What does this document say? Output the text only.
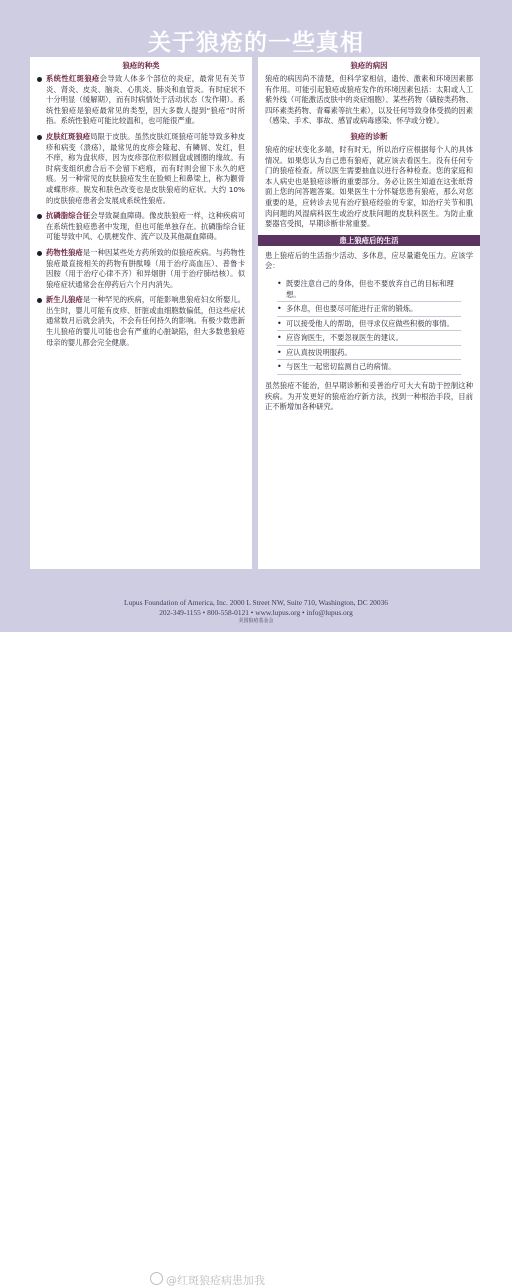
关于狼疮的一些真相
狼疮的种类
系统性红斑狼疮会导致人体多个部位的炎症，最常见有关节炎、肾炎、皮炎、脑炎、心肌炎、肺炎和血管炎。有时症状不十分明显（缓解期），而有时病情处于活动状态（发作期）。系统性狼疮是狼疮最常见的类型，因大多数人提到“狼疮”时所指。系统性狼疮可能比较温和，也可能很严重。
皮肤红斑狼疮局限于皮肤。虽然皮肤红斑狼疮可能导致多种皮疹和病变（溃疡），最常见的皮疹会隆起、有鳞屑、发红，但不痒，称为盘状疹，因为皮疹部位形似圆盘或圆圈的缘故。有时病变组织愈合后不会留下疤痕，而有时则会留下永久的疤痕。另一种常见的皮肤狼疮发生在脸颊上和鼻梁上，称为颧骨或蝶形疹。脱发和肤色改变也是皮肤狼疮的症状。大约 10%的皮肤狼疮患者会发展成系统性狼疮。
抗磷脂综合征会导致凝血障碍。像皮肤狼疮一样，这种疾病可在系统性狼疮患者中发现，但也可能单独存在。抗磷脂综合征可能导致中风、心肌梗发作、流产以及其他凝血障碍。
药物性狼疮是一种因某些处方药所致的似狼疮疾病。与药物性狼疮最直接相关的药物有肼酞嗪（用于治疗高血压）、普鲁卡因胺（用于治疗心律不齐）和异烟肼（用于治疗肺结核）。似狼疮症状通常会在停药后六个月内消失。
新生儿狼疮是一种罕见的疾病，可能影响患狼疮妇女所娶儿。出生时，婴儿可能有皮疹、肝脏或血细胞数偏低，但这些症状通常数月后就会消失，不会有任何持久的影响。有极少数患新生儿狼疮的婴儿可能也会有严重的心脏缺陷，但大多数患狼疮母亲的婴儿都会完全健康。
狼疮的病因

狼疮的病因尚不清楚，但科学家相信，遗传、激素和环境因素都有作用。可能引起狼疮或狼疮发作的环境因素包括：太阳或人工紫外线（可能激活皮肤中的炎症细胞）、某些药物（磺胺类药物、四环素类药物、青霉素等抗生素），以及任何导致身体受损的因素（感染、手术、事故、感冒或病毒感染、怀孕或分娩）。

狼疮的诊断

狼疮的症状变化多端，时有时无，所以治疗应根据每个人的具体情况。如果您认为自己患有狼疮，就应该去看医生。没有任何专门的狼疮检查。所以医生需要抽血以进行各种检查。您的家庭和本人病史也是狼疮诊断的重要部分。务必让医生知道在这张纸背面上您的问答题答案。如果医生十分怀疑您患有狼疮，那么对您重要的是，应转诊去见有治疗狼疮经验的专家，如治疗关节和肌肉问题的风湿病科医生或治疗皮肤问题的皮肤科医生。为防止重要器官受损，早期诊断非常重要。

患上狼疮后的生活

患上狼疮后的生活指少活动、多休息，应尽量避免压力。应该学会：

• 既要注意自己的身体，但也不要放弃自己的目标和理想。
• 多休息，但也要尽可能进行正常的锻炼。
• 可以接受他人的帮助，但寻求仅应做些积极的事情。
• 应咨询医生，不要忽视医生的建议。
• 应认真按说明服药。
• 与医生一起密切监测自己的病情。

虽然狼疮不能治，但早期诊断和妥善治疗可大大有助于控制这种疾病。为开发更好的狼疮治疗新方法，找到一种根治手段，目前正不断增加各种研究。

Lupus Foundation of America, Inc. 2000 L Street NW, Suite 710, Washington, DC 20036
202-349-1155 • 800-558-0121 • www.lupus.org • info@lupus.org
美国狼疮基金会
@红斑狼疮病患加我
